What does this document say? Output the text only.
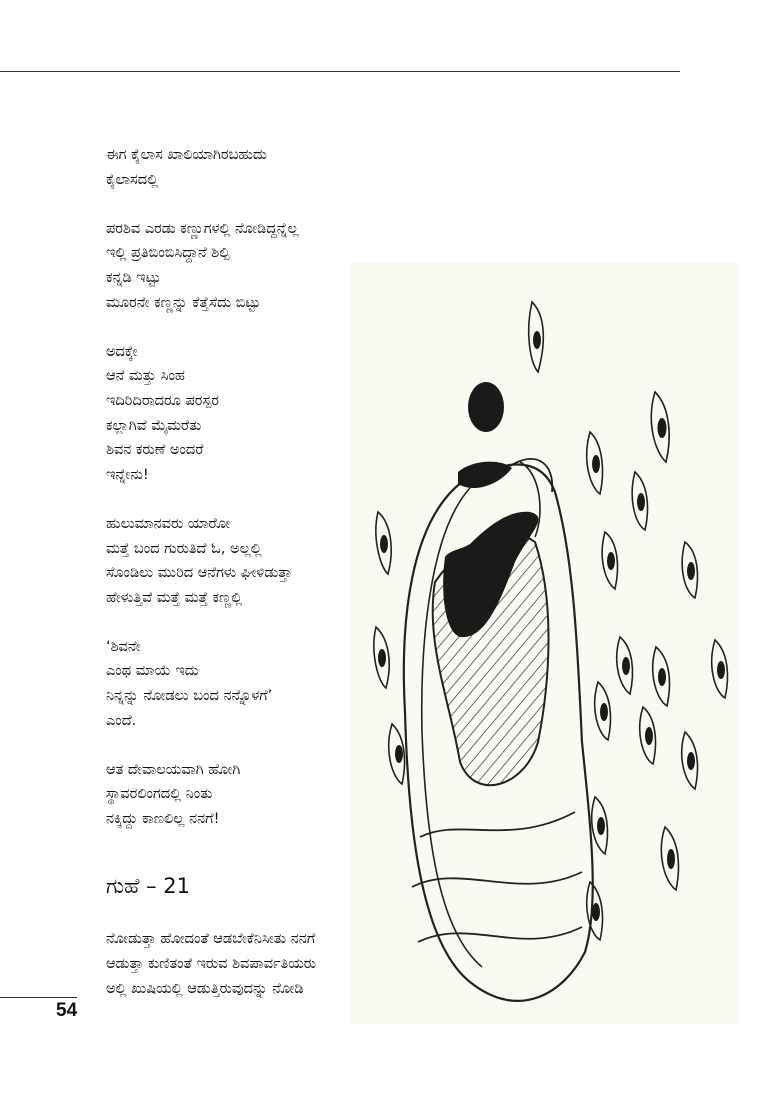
ಈಗ ಕೈಲಾಸ ಖಾಲಿಯಾಗಿರಬಹುದು
ಕೈಲಾಸದಲ್ಲಿ
ಪರಶಿವ ಎರಡು ಕಣ್ಣುಗಳಲ್ಲಿ ನೋಡಿದ್ದನ್ನೆಲ್ಲ
ಇಲ್ಲಿ ಪ್ರತಿಬಿಂಬಿಸಿದ್ದಾನೆ ಶಿಲ್ಪಿ
ಕನ್ನಡಿ ಇಟ್ಟು
ಮೂರನೇ ಕಣ್ಣನ್ನು ಕೆತ್ತೆಸೆದು ಬಿಟ್ಟು
ಅದಕ್ಕೇ
ಆನೆ ಮತ್ತು ಸಿಂಹ
ಇದಿರಿದಿರಾದರೂ ಪರಸ್ಪರ
ಕಲ್ಲಾಗಿವೆ ಮೈಮರೆತು
ಶಿವನ ಕರುಣೆ ಅಂದರೆ
ಇನ್ನೇನು!
ಹುಲುಮಾನವರು ಯಾರೋ
ಮತ್ತೆ ಬಂದ ಗುರುತಿದೆ ಓ, ಅಲ್ಲಲ್ಲಿ
ಸೊಂಡಿಲು ಮುರಿದ ಆನೆಗಳು ಘೀಳಿಡುತ್ತಾ
ಹೇಳುತ್ತಿವೆ ಮತ್ತೆ ಮತ್ತೆ ಕಣ್ಣಲ್ಲಿ
‘ಶಿವನೇ
ಎಂಥ ಮಾಯೆ ಇದು
ನಿನ್ನನ್ನು ನೋಡಲು ಬಂದ ನನ್ನೊಳಗೆ’
ಎಂದೆ.
ಆತ ದೇವಾಲಯವಾಗಿ ಹೋಗಿ
ಸ್ಥಾವರಲಿಂಗದಲ್ಲಿ ನಿಂತು
ನಕ್ಕಿದ್ದು ಕಾಣಲಿಲ್ಲ ನನಗೆ!
ಗುಹೆ – 21
ನೋಡುತ್ತಾ ಹೋದಂತೆ ಆಡಬೇಕೆನಿಸೀತು ನನಗೆ
ಆಡುತ್ತಾ ಕುಣಿತಂತೆ ಇರುವ ಶಿವಪಾರ್ವತಿಯರು
ಅಲ್ಲಿ ಖುಷಿಯಲ್ಲಿ ಆಡುತ್ತಿರುವುದನ್ನು ನೋಡಿ
54
